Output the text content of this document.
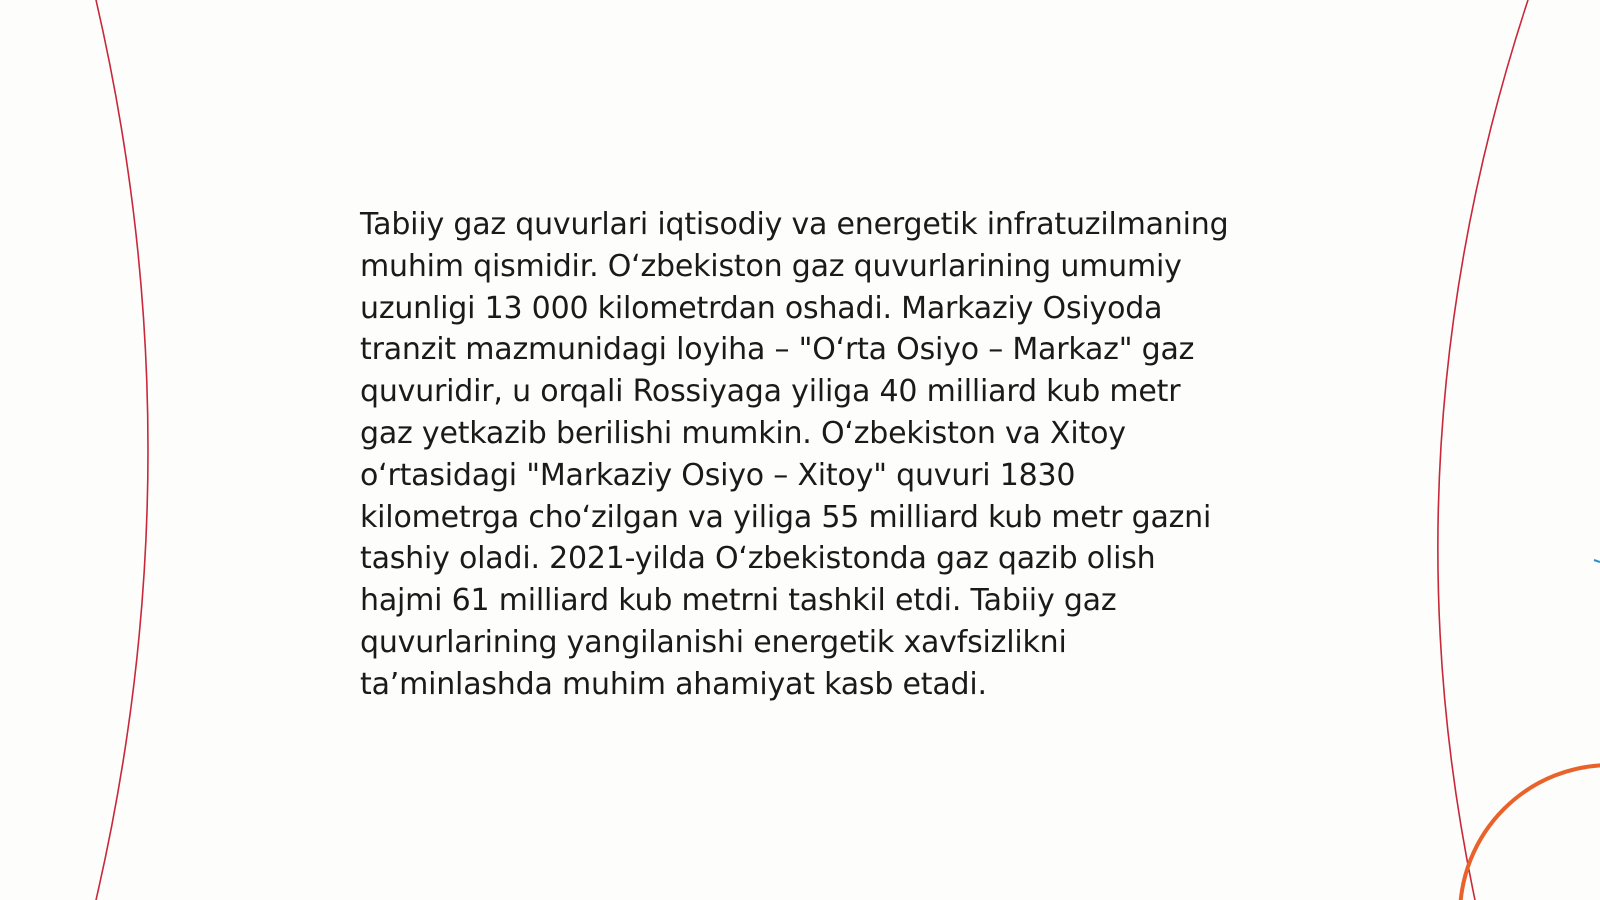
Tabiiy gaz quvurlari iqtisodiy va energetik infratuzilmaning muhim qismidir. O‘zbekiston gaz quvurlarining umumiy uzunligi 13 000 kilometrdan oshadi. Markaziy Osiyoda tranzit mazmunidagi loyiha – "O‘rta Osiyo – Markaz" gaz quvuridir, u orqali Rossiyaga yiliga 40 milliard kub metr gaz yetkazib berilishi mumkin. O‘zbekiston va Xitoy o‘rtasidagi "Markaziy Osiyo – Xitoy" quvuri 1830 kilometrga cho‘zilgan va yiliga 55 milliard kub metr gazni tashiy oladi. 2021-yilda O‘zbekistonda gaz qazib olish hajmi 61 milliard kub metrni tashkil etdi. Tabiiy gaz quvurlarining yangilanishi energetik xavfsizlikni ta’minlashda muhim ahamiyat kasb etadi.
